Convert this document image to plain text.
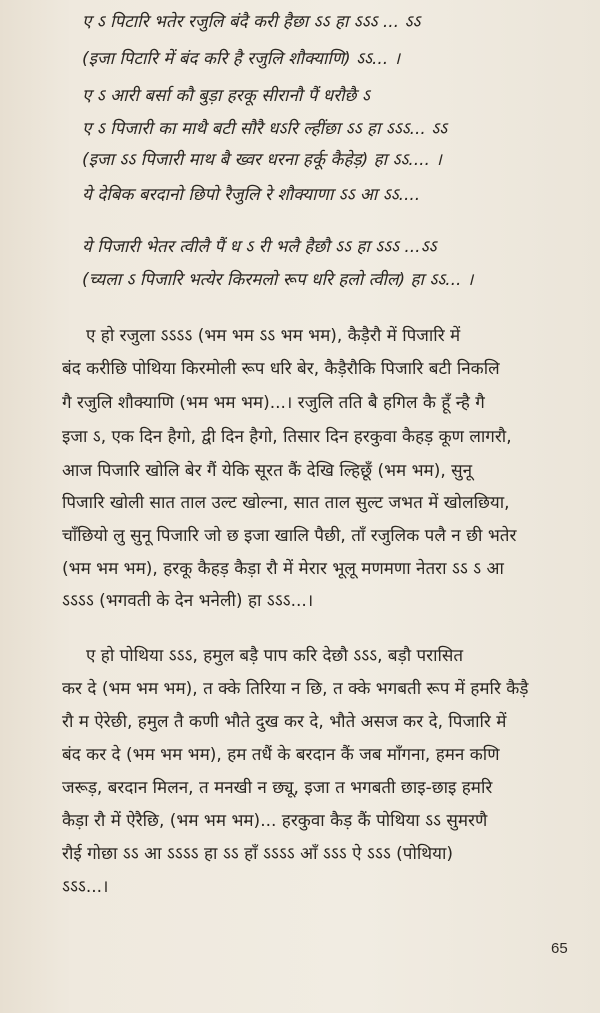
ए ऽ पिटारि भतेर रजुलि बंदै करी हैछा ऽऽ हा ऽऽऽ ... ऽऽ
(इजा पिटारि में बंद करि है रजुलि शौक्याणि) ऽऽ... ।
ए ऽ आरी बर्सा कौ बुड़ा हरकू सीरानौ पैं धरौछै ऽ
ए ऽ पिजारी का माथै बटी सौरै धऽरि ल्हींछा ऽऽ हा ऽऽऽ... ऽऽ
(इजा ऽऽ पिजारी माथ बै ख्वर धरना हर्कू कैहेड़) हा ऽऽ.... ।
ये देबिक बरदानो छिपो रैजुलि रे शौक्याणा ऽऽ आ ऽऽ....
ये पिजारी भेतर त्वीलै पैं ध ऽ री भलै हैछौ ऽऽ हा ऽऽऽ ...ऽऽ
(च्यला ऽ पिजारि भत्येर किरमलो रूप धरि हलो त्वील) हा ऽऽ... ।
ए हो रजुला ऽऽऽऽ (भम भम ऽऽ भम भम), कैड़ैरौ में पिजारि में
बंद करीछि पोथिया किरमोली रूप धरि बेर, कैड़ैरौकि पिजारि बटी निकलि
गै रजुलि शौक्याणि (भम भम भम)...। रजुलि तति बै हगिल कै हूँ न्है गै
इजा ऽ, एक दिन हैगो, द्वी दिन हैगो, तिसार दिन हरकुवा कैहड़ कूण लागरौ,
आज पिजारि खोलि बेर गैं येकि सूरत कैं देखि ल्हिछूँ (भम भम), सुनू
पिजारि खोली सात ताल उल्ट खोल्ना, सात ताल सुल्ट जभत में खोलछिया,
चाँछियो लु सुनू पिजारि जो छ इजा खालि पैछी, ताँ रजुलिक पलै न छी भतेर
(भम भम भम), हरकू कैहड़ कैड़ा रौ में मेरार भूलू मणमणा नेतरा ऽऽ ऽ आ
ऽऽऽऽ (भगवती के देन भनेली) हा ऽऽऽ...।
ए हो पोथिया ऽऽऽ, हमुल बड़ै पाप करि देछौ ऽऽऽ, बड़ौ परासित
कर दे (भम भम भम), त क्के तिरिया न छि, त क्के भगबती रूप में हमरि कैड़ै
रौ म ऐरेछी, हमुल तै कणी भौते दुख कर दे, भौते असज कर दे, पिजारि में
बंद कर दे (भम भम भम), हम तधैं के बरदान कैं जब माँगना, हमन कणि
जरूड़, बरदान मिलन, त मनखी न छ्यू, इजा त भगबती छाइ-छाइ हमरि
कैड़ा रौ में ऐरैछि, (भम भम भम)... हरकुवा कैड़ कैं पोथिया ऽऽ सुमरणै
रौई गोछा ऽऽ आ ऽऽऽऽ हा ऽऽ हाँ ऽऽऽऽ आँ ऽऽऽ ऐ ऽऽऽ (पोथिया)
ऽऽऽ...।
65
